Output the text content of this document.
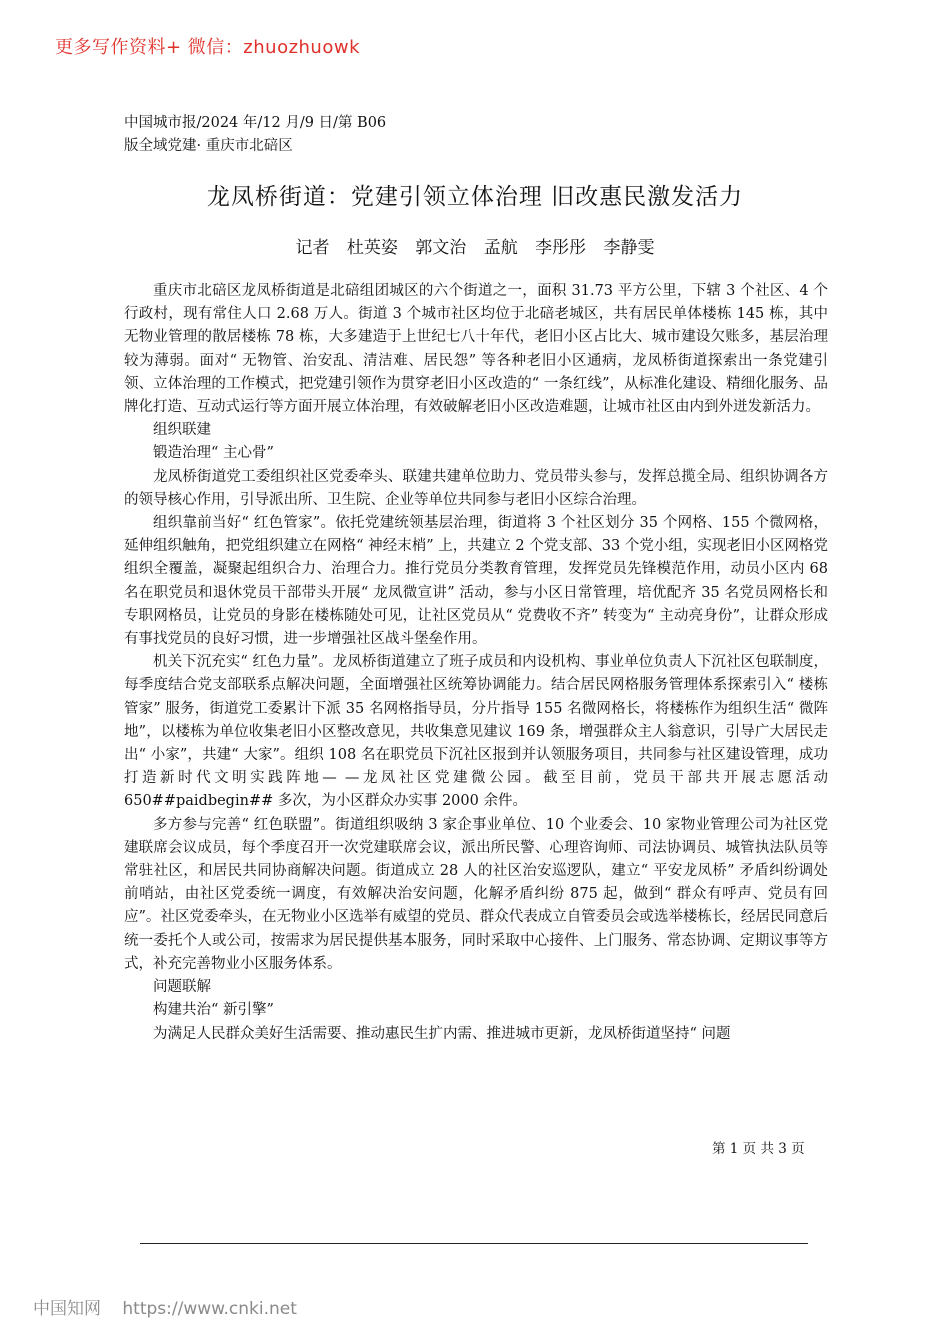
更多写作资料+ 微信：zhuozhuowk
中国城市报/2024 年/12 月/9 日/第 B06
版全域党建· 重庆市北碚区
龙凤桥街道：党建引领立体治理 旧改惠民激发活力
记者 杜英姿 郭文治 孟航 李彤彤 李静雯

重庆市北碚区龙凤桥街道是北碚组团城区的六个街道之一，面积 31.73 平方公里，下辖 3 个社区、4 个行政村，现有常住人口 2.68 万人。街道 3 个城市社区均位于北碚老城区，共有居民单体楼栋 145 栋，其中无物业管理的散居楼栋 78 栋，大多建造于上世纪七八十年代，老旧小区占比大、城市建设欠账多，基层治理较为薄弱。面对“ 无物管、治安乱、清洁难、居民怨” 等各种老旧小区通病，龙凤桥街道探索出一条党建引领、立体治理的工作模式，把党建引领作为贯穿老旧小区改造的“ 一条红线”，从标准化建设、精细化服务、品牌化打造、互动式运行等方面开展立体治理，有效破解老旧小区改造难题，让城市社区由内到外迸发新活力。

组织联建

锻造治理“ 主心骨”

龙凤桥街道党工委组织社区党委牵头、联建共建单位助力、党员带头参与，发挥总揽全局、组织协调各方的领导核心作用，引导派出所、卫生院、企业等单位共同参与老旧小区综合治理。

组织靠前当好“ 红色管家”。依托党建统领基层治理，街道将 3 个社区划分 35 个网格、155 个微网格，延伸组织触角，把党组织建立在网格“ 神经末梢” 上，共建立 2 个党支部、33 个党小组，实现老旧小区网格党组织全覆盖，凝聚起组织合力、治理合力。推行党员分类教育管理，发挥党员先锋模范作用，动员小区内 68 名在职党员和退休党员干部带头开展“ 龙凤微宣讲” 活动，参与小区日常管理，培优配齐 35 名党员网格长和专职网格员，让党员的身影在楼栋随处可见，让社区党员从“ 党费收不齐” 转变为“ 主动亮身份”，让群众形成有事找党员的良好习惯，进一步增强社区战斗堡垒作用。

机关下沉充实“ 红色力量”。龙凤桥街道建立了班子成员和内设机构、事业单位负责人下沉社区包联制度，每季度结合党支部联系点解决问题，全面增强社区统筹协调能力。结合居民网格服务管理体系探索引入“ 楼栋管家” 服务，街道党工委累计下派 35 名网格指导员，分片指导 155 名微网格长，将楼栋作为组织生活“ 微阵地”，以楼栋为单位收集老旧小区整改意见，共收集意见建议 169 条，增强群众主人翁意识，引导广大居民走出“ 小家”，共建“ 大家”。组织 108 名在职党员下沉社区报到并认领服务项目，共同参与社区建设管理，成功打造新时代文明实践阵地— —龙凤社区党建微公园。截至目前，党员干部共开展志愿活动 650##paidbegin## 多次，为小区群众办实事 2000 余件。

多方参与完善“ 红色联盟”。街道组织吸纳 3 家企事业单位、10 个业委会、10 家物业管理公司为社区党建联席会议成员，每个季度召开一次党建联席会议，派出所民警、心理咨询师、司法协调员、城管执法队员等常驻社区，和居民共同协商解决问题。街道成立 28 人的社区治安巡逻队，建立“ 平安龙凤桥” 矛盾纠纷调处前哨站，由社区党委统一调度，有效解决治安问题，化解矛盾纠纷 875 起，做到“ 群众有呼声、党员有回应”。社区党委牵头，在无物业小区选举有威望的党员、群众代表成立自管委员会或选举楼栋长，经居民同意后统一委托个人或公司，按需求为居民提供基本服务，同时采取中心接件、上门服务、常态协调、定期议事等方式，补充完善物业小区服务体系。

问题联解

构建共治“ 新引擎”

为满足人民群众美好生活需要、推动惠民生扩内需、推进城市更新，龙凤桥街道坚持“ 问题

第 1 页 共 3 页
中国知网 https://www.cnki.net
